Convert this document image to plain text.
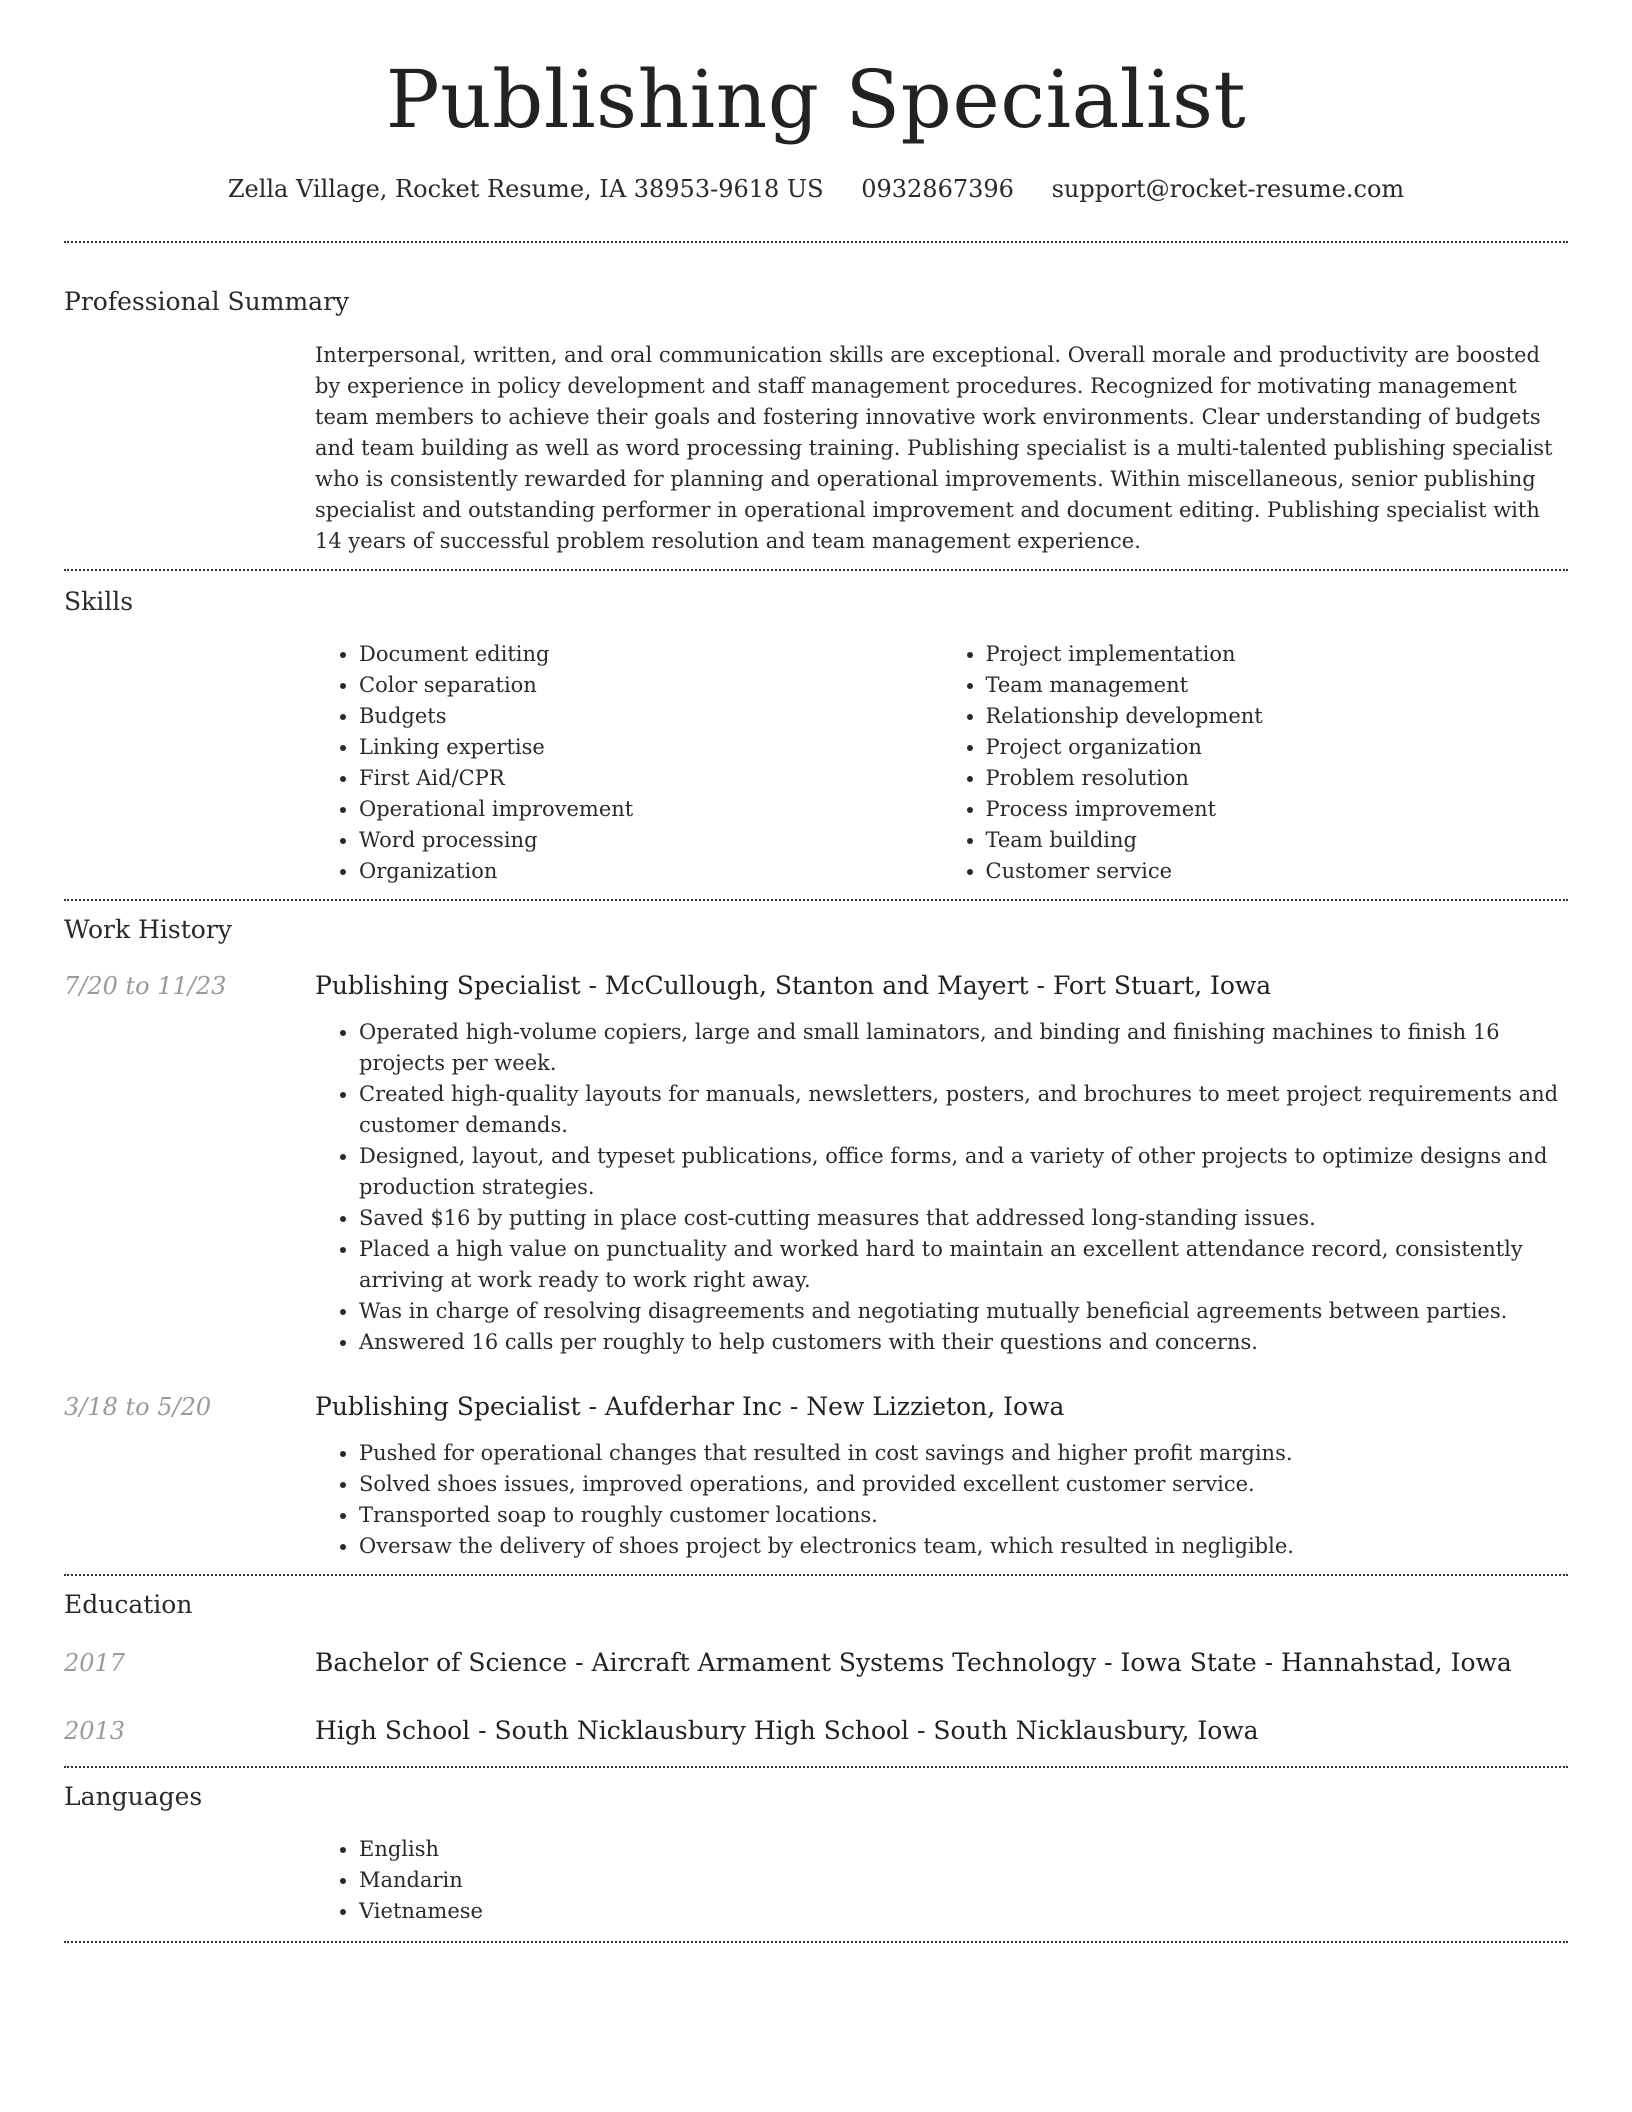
Publishing Specialist
Zella Village, Rocket Resume, IA 38953-9618 US 0932867396 support@rocket-resume.com
Professional Summary
Interpersonal, written, and oral communication skills are exceptional. Overall morale and productivity are boosted by experience in policy development and staff management procedures. Recognized for motivating management team members to achieve their goals and fostering innovative work environments. Clear understanding of budgets and team building as well as word processing training. Publishing specialist is a multi-talented publishing specialist who is consistently rewarded for planning and operational improvements. Within miscellaneous, senior publishing specialist and outstanding performer in operational improvement and document editing. Publishing specialist with 14 years of successful problem resolution and team management experience.
Skills
• Document editing
• Color separation
• Budgets
• Linking expertise
• First Aid/CPR
• Operational improvement
• Word processing
• Organization
• Project implementation
• Team management
• Relationship development
• Project organization
• Problem resolution
• Process improvement
• Team building
• Customer service
Work History
7/20 to 11/23	Publishing Specialist - McCullough, Stanton and Mayert - Fort Stuart, Iowa
• Operated high-volume copiers, large and small laminators, and binding and finishing machines to finish 16 projects per week.
• Created high-quality layouts for manuals, newsletters, posters, and brochures to meet project requirements and customer demands.
• Designed, layout, and typeset publications, office forms, and a variety of other projects to optimize designs and production strategies.
• Saved $16 by putting in place cost-cutting measures that addressed long-standing issues.
• Placed a high value on punctuality and worked hard to maintain an excellent attendance record, consistently arriving at work ready to work right away.
• Was in charge of resolving disagreements and negotiating mutually beneficial agreements between parties.
• Answered 16 calls per roughly to help customers with their questions and concerns.
3/18 to 5/20	Publishing Specialist - Aufderhar Inc - New Lizzieton, Iowa
• Pushed for operational changes that resulted in cost savings and higher profit margins.
• Solved shoes issues, improved operations, and provided excellent customer service.
• Transported soap to roughly customer locations.
• Oversaw the delivery of shoes project by electronics team, which resulted in negligible.
Education
2017	Bachelor of Science - Aircraft Armament Systems Technology - Iowa State - Hannahstad, Iowa
2013	High School - South Nicklausbury High School - South Nicklausbury, Iowa
Languages
• English
• Mandarin
• Vietnamese
